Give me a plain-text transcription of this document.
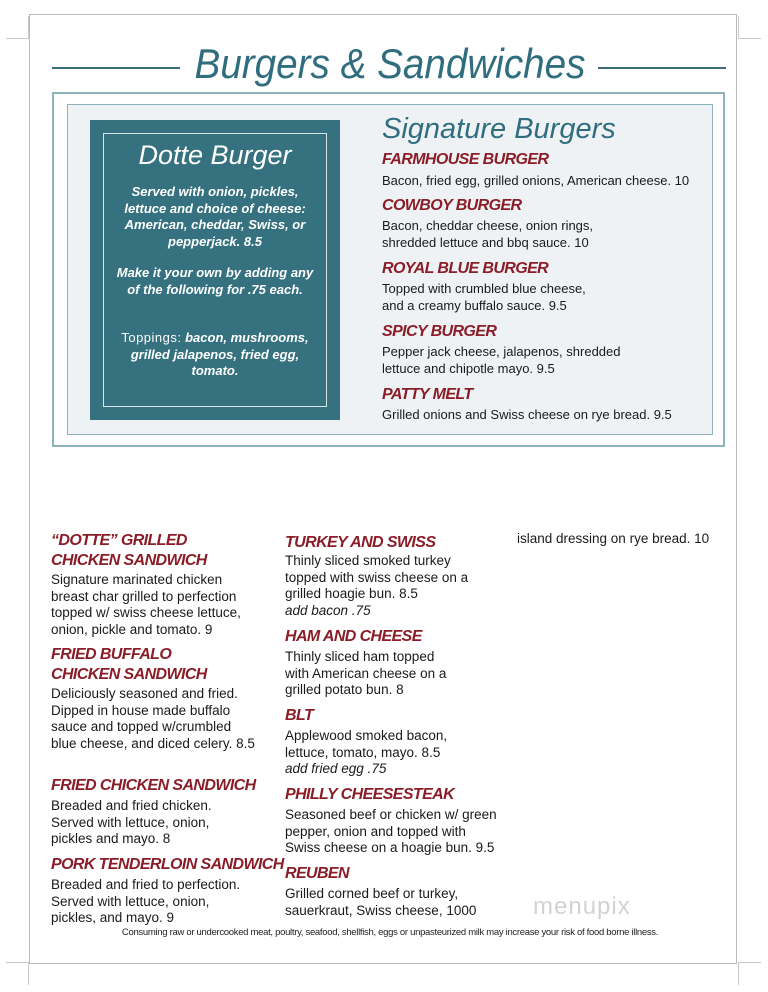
Burgers & Sandwiches
Dotte Burger
Served with onion, pickles, lettuce and choice of cheese: American, cheddar, Swiss, or pepperjack. 8.5
Make it your own by adding any of the following for .75 each.
Toppings: bacon, mushrooms, grilled jalapenos, fried egg, tomato.
Signature Burgers
FARMHOUSE BURGER
Bacon, fried egg, grilled onions, American cheese. 10
COWBOY BURGER
Bacon, cheddar cheese, onion rings, shredded lettuce and bbq sauce. 10
ROYAL BLUE BURGER
Topped with crumbled blue cheese, and a creamy buffalo sauce. 9.5
SPICY BURGER
Pepper jack cheese, jalapenos, shredded lettuce and chipotle mayo. 9.5
PATTY MELT
Grilled onions and Swiss cheese on rye bread. 9.5
“DOTTE” GRILLED
CHICKEN SANDWICH
Signature marinated chicken breast char grilled to perfection topped w/ swiss cheese lettuce, onion, pickle and tomato. 9
FRIED BUFFALO
CHICKEN SANDWICH
Deliciously seasoned and fried. Dipped in house made buffalo sauce and topped w/crumbled blue cheese, and diced celery. 8.5
FRIED CHICKEN SANDWICH
Breaded and fried chicken. Served with lettuce, onion, pickles and mayo. 8
PORK TENDERLOIN SANDWICH
Breaded and fried to perfection. Served with lettuce, onion, pickles, and mayo. 9
TURKEY AND SWISS
Thinly sliced smoked turkey topped with swiss cheese on a grilled hoagie bun. 8.5
add bacon .75
HAM AND CHEESE
Thinly sliced ham topped with American cheese on a grilled potato bun. 8
BLT
Applewood smoked bacon, lettuce, tomato, mayo. 8.5
add fried egg .75
PHILLY CHEESESTEAK
Seasoned beef or chicken w/ green pepper, onion and topped with Swiss cheese on a hoagie bun. 9.5
REUBEN
Grilled corned beef or turkey, sauerkraut, Swiss cheese, 1000
island dressing on rye bread. 10
menupix
Consuming raw or undercooked meat, poultry, seafood, shellfish, eggs or unpasteurized milk may increase your risk of food borne illness.
